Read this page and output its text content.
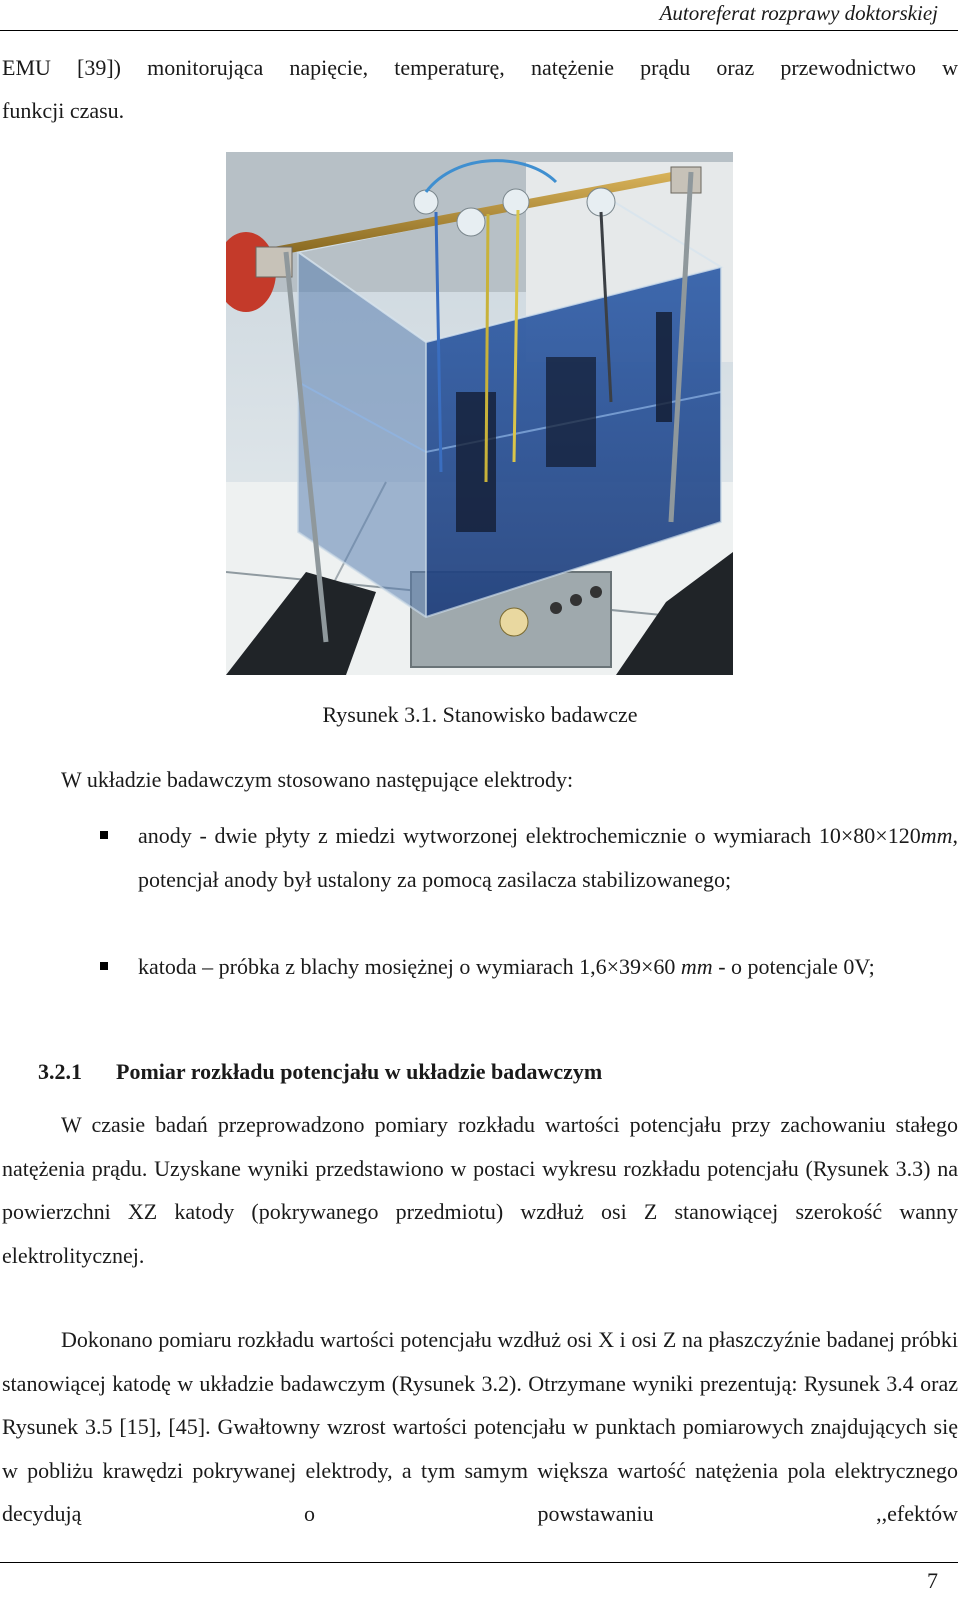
Autoreferat rozprawy doktorskiej
EMU [39]) monitorująca napięcie, temperaturę, natężenie prądu oraz przewodnictwo w
funkcji czasu.
Rysunek 3.1. Stanowisko badawcze
W układzie badawczym stosowano następujące elektrody:
anody - dwie płyty z miedzi wytworzonej elektrochemicznie o wymiarach 10×80×120mm, potencjał anody był ustalony za pomocą zasilacza stabilizowanego;
katoda – próbka z blachy mosiężnej o wymiarach 1,6×39×60 mm - o potencjale 0V;
3.2.1 Pomiar rozkładu potencjału w układzie badawczym
W czasie badań przeprowadzono pomiary rozkładu wartości potencjału przy zachowaniu stałego natężenia prądu. Uzyskane wyniki przedstawiono w postaci wykresu rozkładu potencjału (Rysunek 3.3) na powierzchni XZ katody (pokrywanego przedmiotu) wzdłuż osi Z stanowiącej szerokość wanny elektrolitycznej.
Dokonano pomiaru rozkładu wartości potencjału wzdłuż osi X i osi Z na płaszczyźnie badanej próbki stanowiącej katodę w układzie badawczym (Rysunek 3.2). Otrzymane wyniki prezentują: Rysunek 3.4 oraz Rysunek 3.5 [15], [45]. Gwałtowny wzrost wartości potencjału w punktach pomiarowych znajdujących się w pobliżu krawędzi pokrywanej elektrody, a tym samym większa wartość natężenia pola elektrycznego decydują o powstawaniu ,,efektów
7
